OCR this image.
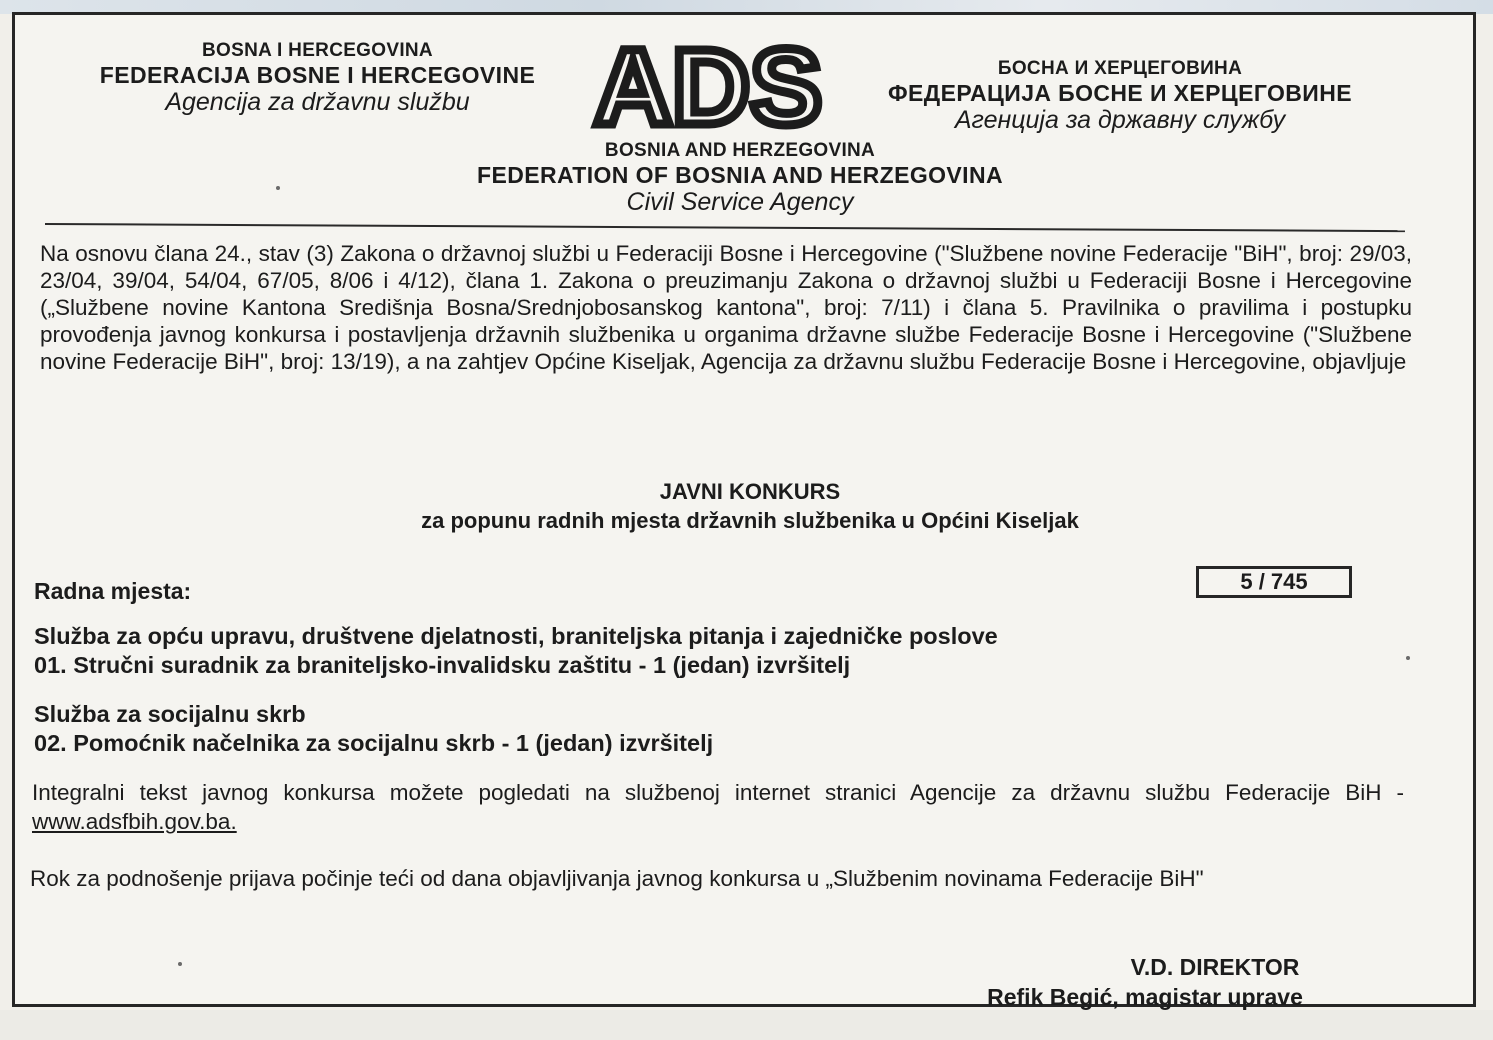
BOSNA I HERCEGOVINA
FEDERACIJA BOSNE I HERCEGOVINE
Agencija za državnu službu	ADS	БОСНА И ХЕРЦЕГОВИНА
ФЕДЕРАЦИЈА БОСНЕ И ХЕРЦЕГОВИНЕ
Агенција за државну службу
BOSNIA AND HERZEGOVINA
FEDERATION OF BOSNIA AND HERZEGOVINA
Civil Service Agency
Na osnovu člana 24., stav (3) Zakona o državnoj službi u Federaciji Bosne i Hercegovine ("Službene novine Federacije "BiH", broj: 29/03, 23/04, 39/04, 54/04, 67/05, 8/06 i 4/12), člana 1. Zakona o preuzimanju Zakona o državnoj službi u Federaciji Bosne i Hercegovine („Službene novine Kantona Središnja Bosna/Srednjobosanskog kantona", broj: 7/11) i člana 5. Pravilnika o pravilima i postupku provođenja javnog konkursa i postavljenja državnih službenika u organima državne službe Federacije Bosne i Hercegovine ("Službene novine Federacije BiH", broj: 13/19), a na zahtjev Općine Kiseljak, Agencija za državnu službu Federacije Bosne i Hercegovine, objavljuje
JAVNI KONKURS
za popunu radnih mjesta državnih službenika u Općini Kiseljak
5 / 745
Radna mjesta:
Služba za opću upravu, društvene djelatnosti, braniteljska pitanja i zajedničke poslove
01. Stručni suradnik za braniteljsko-invalidsku zaštitu - 1 (jedan) izvršitelj
Služba za socijalnu skrb
02. Pomoćnik načelnika za socijalnu skrb - 1 (jedan) izvršitelj
Integralni tekst javnog konkursa možete pogledati na službenoj internet stranici Agencije za državnu službu Federacije BiH - www.adsfbih.gov.ba.
Rok za podnošenje prijava počinje teći od dana objavljivanja javnog konkursa u „Službenim novinama Federacije BiH"
V.D. DIREKTOR
Refik Begić, magistar uprave
